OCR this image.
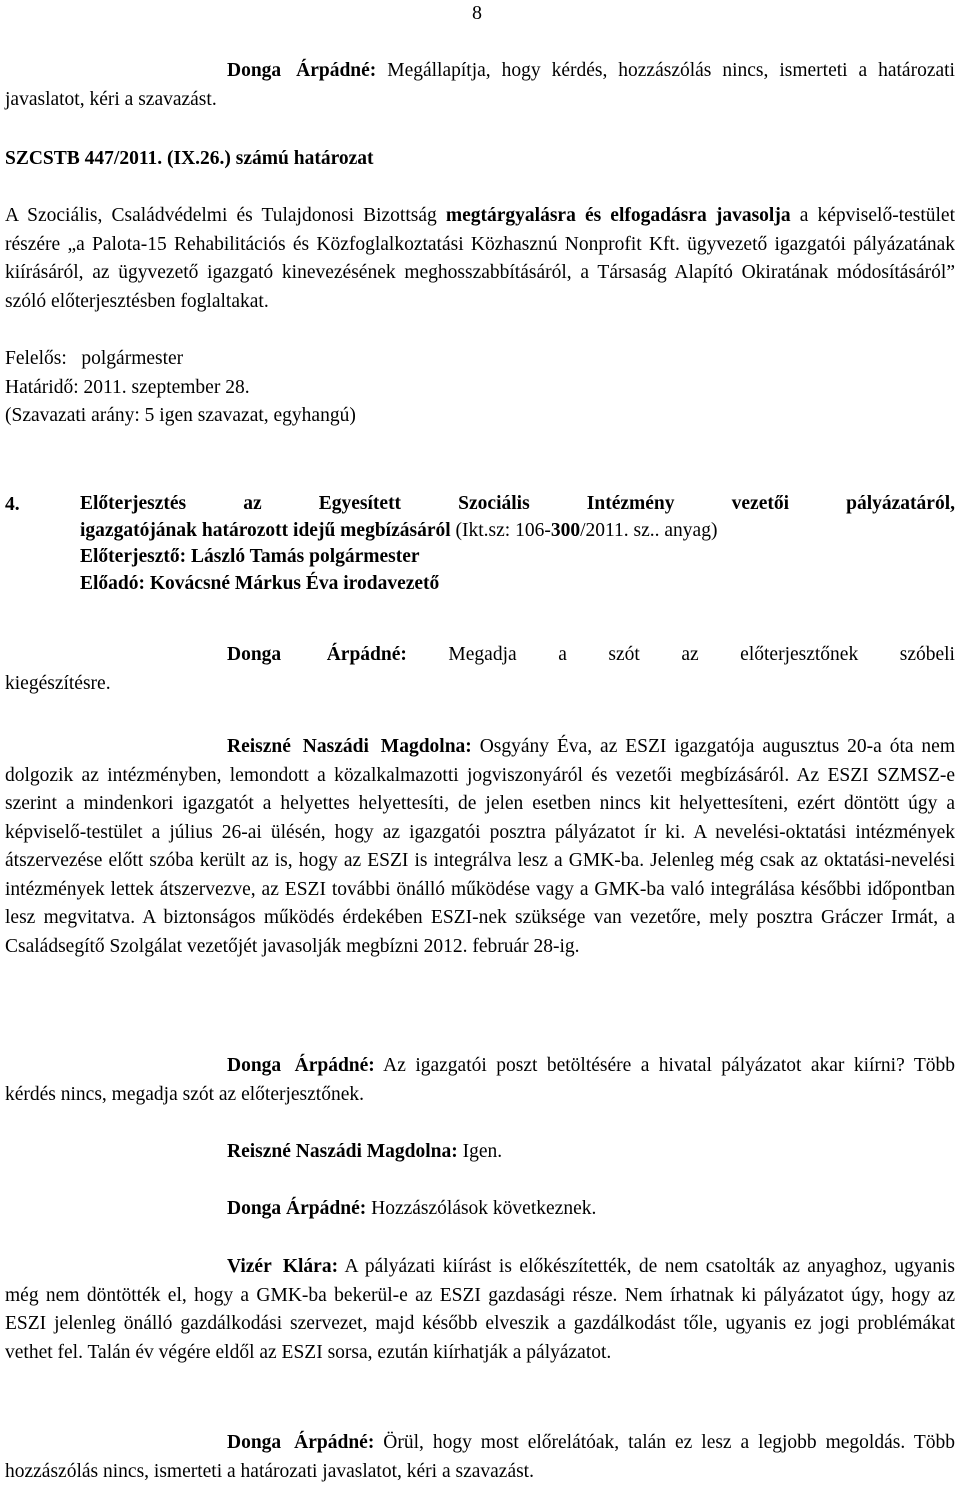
8
Donga Árpádné: Megállapítja, hogy kérdés, hozzászólás nincs, ismerteti a határozati javaslatot, kéri a szavazást.
SZCSTB 447/2011. (IX.26.) számú határozat
A Szociális, Családvédelmi és Tulajdonosi Bizottság megtárgyalásra és elfogadásra javasolja a képviselő-testület részére „a Palota-15 Rehabilitációs és Közfoglalkoztatási Közhasznú Nonprofit Kft. ügyvezető igazgatói pályázatának kiírásáról, az ügyvezető igazgató kinevezésének meghosszabbításáról, a Társaság Alapító Okiratának módosításáról” szóló előterjesztésben foglaltakat.
Felelős:   polgármester
Határidő: 2011. szeptember 28.
(Szavazati arány: 5 igen szavazat, egyhangú)
4.	Előterjesztés az Egyesített Szociális Intézmény vezetői pályázatáról,
igazgatójának határozott idejű megbízásáról (Ikt.sz: 106-300/2011. sz.. anyag)
Előterjesztő: László Tamás polgármester
Előadó: Kovácsné Márkus Éva irodavezető
Donga Árpádné: Megadja a szót az előterjesztőnek szóbeli
kiegészítésre.
Reiszné Naszádi Magdolna: Osgyány Éva, az ESZI igazgatója augusztus 20-a óta nem dolgozik az intézményben, lemondott a közalkalmazotti jogviszonyáról és vezetői megbízásáról. Az ESZI SZMSZ-e szerint a mindenkori igazgatót a helyettes helyettesíti, de jelen esetben nincs kit helyettesíteni, ezért döntött úgy a képviselő-testület a július 26-ai ülésén, hogy az igazgatói posztra pályázatot ír ki. A nevelési-oktatási intézmények átszervezése előtt szóba került az is, hogy az ESZI is integrálva lesz a GMK-ba. Jelenleg még csak az oktatási-nevelési intézmények lettek átszervezve, az ESZI további önálló működése vagy a GMK-ba való integrálása későbbi időpontban lesz megvitatva. A biztonságos működés érdekében ESZI-nek szüksége van vezetőre, mely posztra Gráczer Irmát, a Családsegítő Szolgálat vezetőjét javasolják megbízni 2012. február 28-ig.
Donga Árpádné: Az igazgatói poszt betöltésére a hivatal pályázatot akar kiírni? Több kérdés nincs, megadja szót az előterjesztőnek.
Reiszné Naszádi Magdolna: Igen.
Donga Árpádné: Hozzászólások következnek.
Vizér Klára: A pályázati kiírást is előkészítették, de nem csatolták az anyaghoz, ugyanis még nem döntötték el, hogy a GMK-ba bekerül-e az ESZI gazdasági része. Nem írhatnak ki pályázatot úgy, hogy az ESZI jelenleg önálló gazdálkodási szervezet, majd később elveszik a gazdálkodást tőle, ugyanis ez jogi problémákat vethet fel. Talán év végére eldől az ESZI sorsa, ezután kiírhatják a pályázatot.
Donga Árpádné: Örül, hogy most előrelátóak, talán ez lesz a legjobb megoldás. Több hozzászólás nincs, ismerteti a határozati javaslatot, kéri a szavazást.
